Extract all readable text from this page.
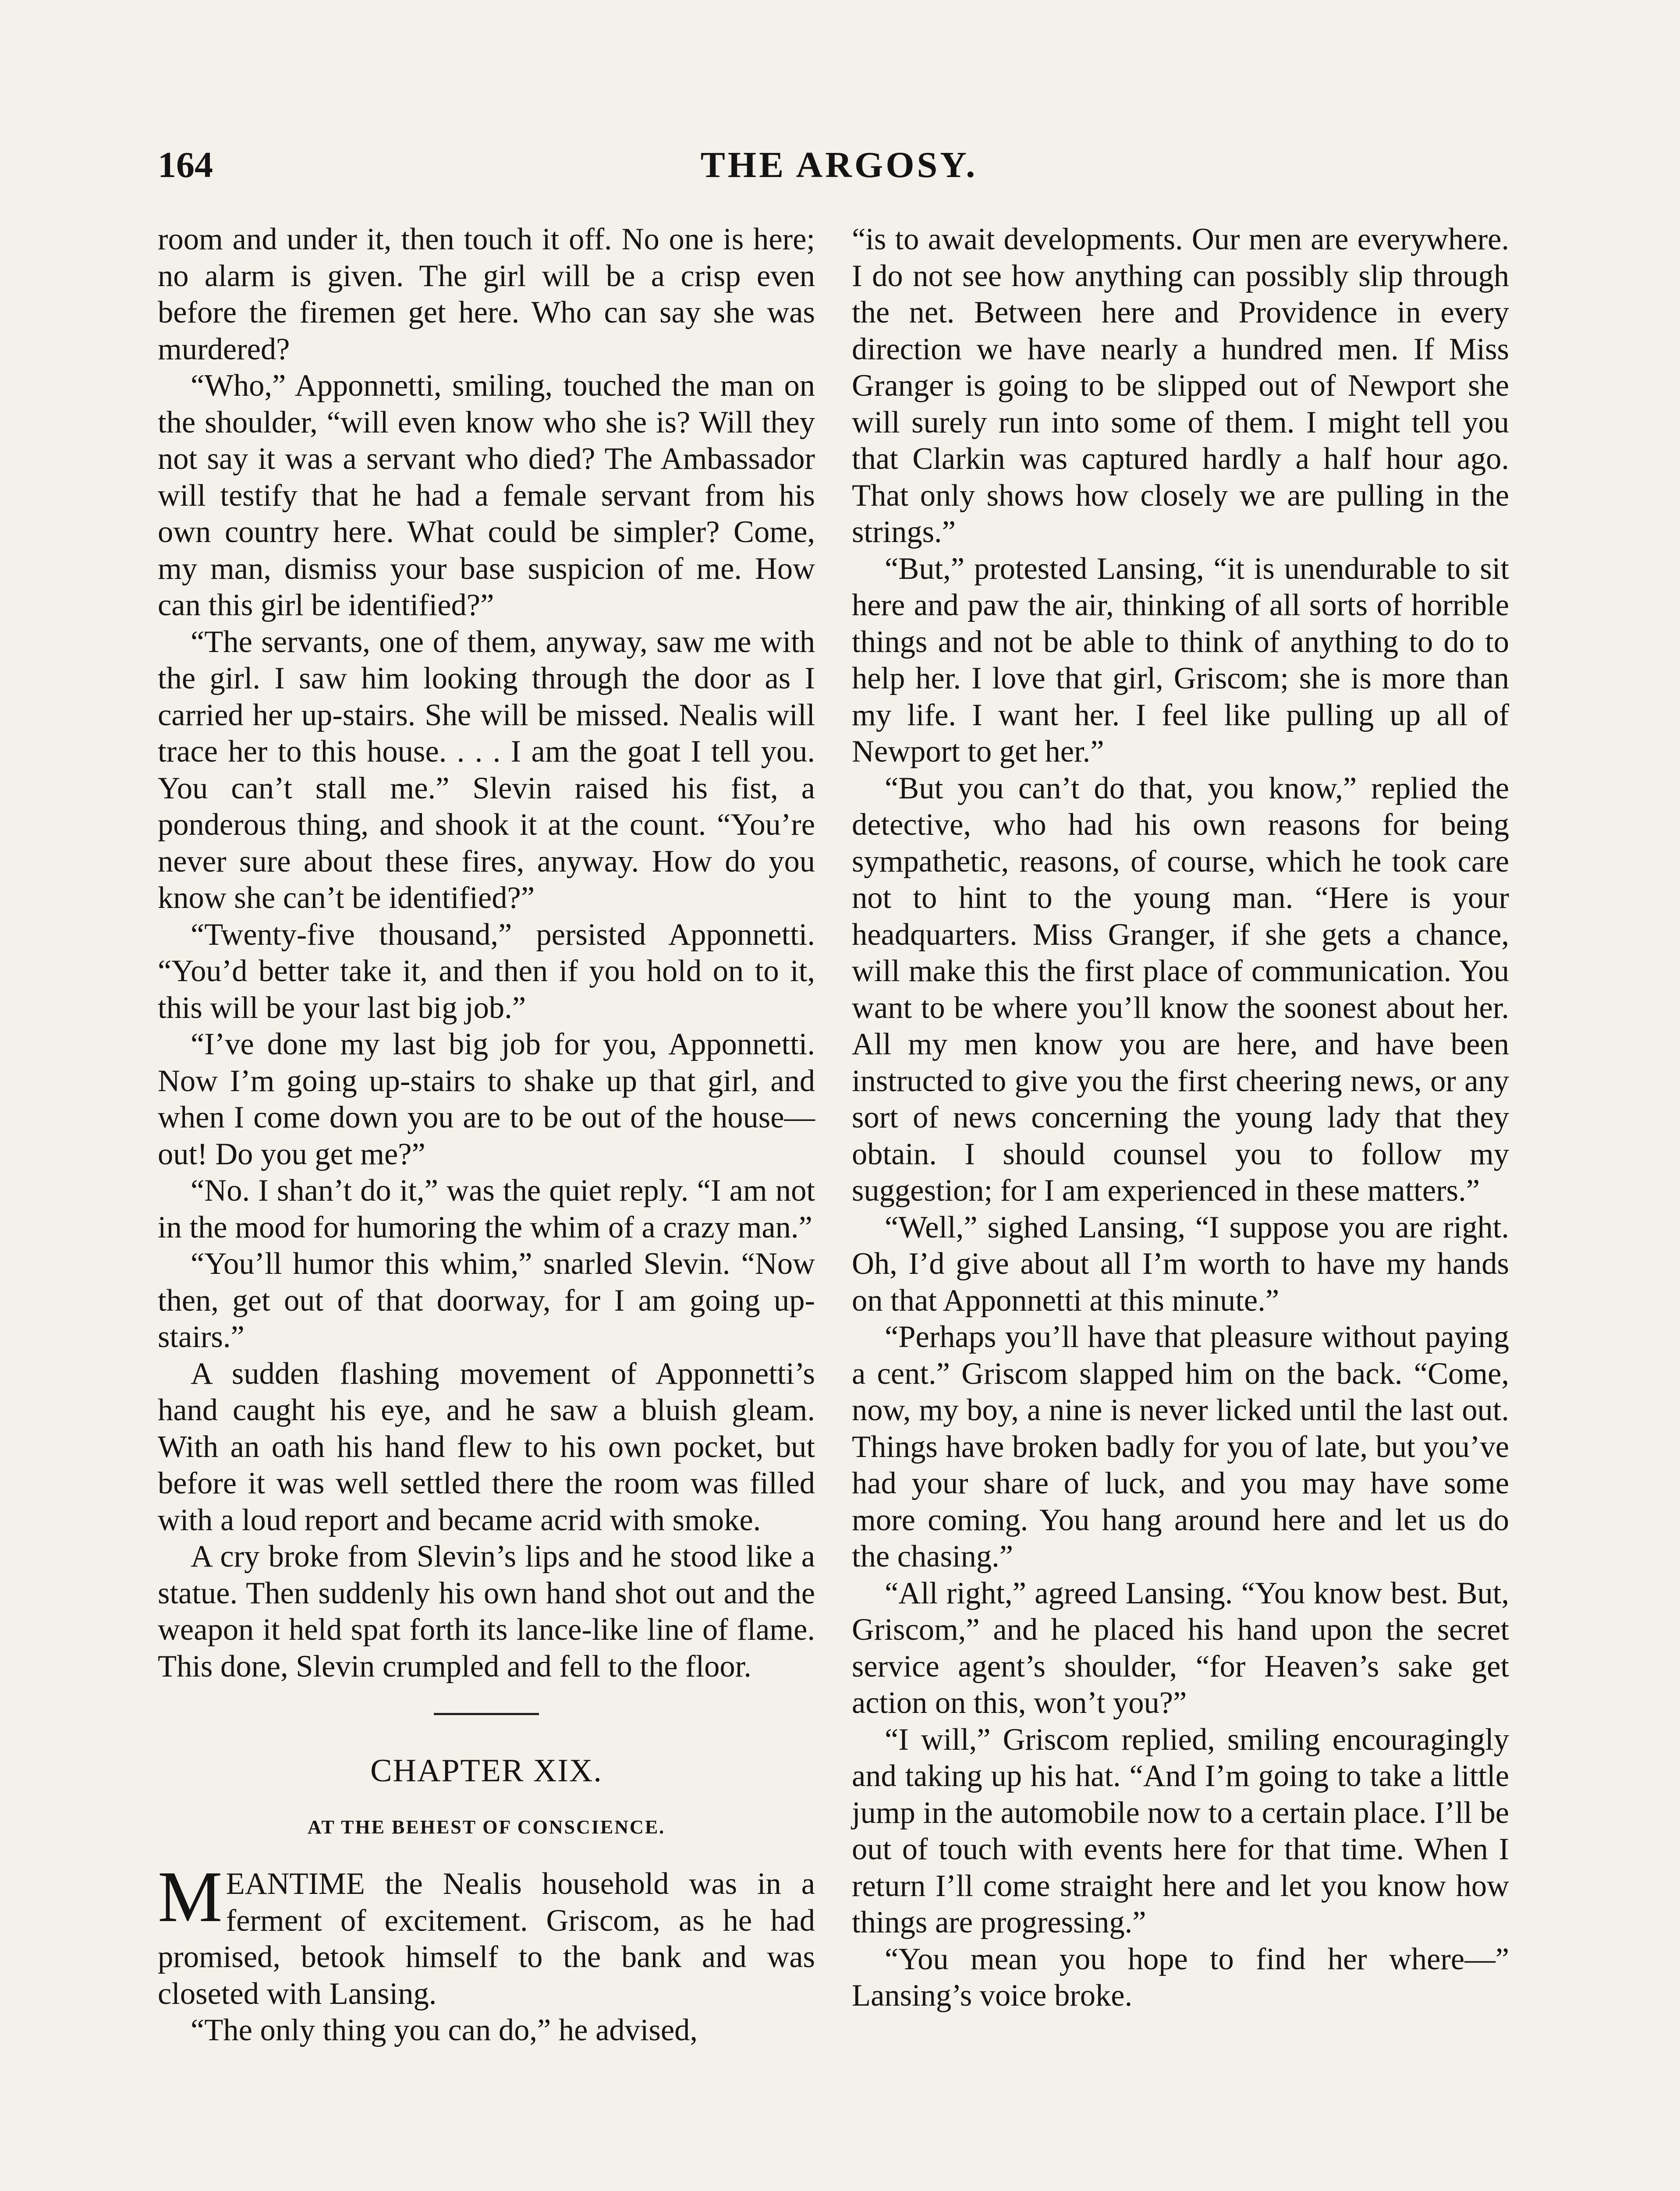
164	THE ARGOSY.

room and under it, then touch it off. No one is here; no alarm is given. The girl will be a crisp even before the firemen get here. Who can say she was murdered?

“Who,” Apponnetti, smiling, touched the man on the shoulder, “will even know who she is? Will they not say it was a servant who died? The Ambassador will testify that he had a female servant from his own country here. What could be simpler? Come, my man, dismiss your base suspicion of me. How can this girl be identified?”

“The servants, one of them, anyway, saw me with the girl. I saw him looking through the door as I carried her up-stairs. She will be missed. Nealis will trace her to this house. . . . I am the goat I tell you. You can’t stall me.” Slevin raised his fist, a ponderous thing, and shook it at the count. “You’re never sure about these fires, anyway. How do you know she can’t be identified?”

“Twenty-five thousand,” persisted Apponnetti. “You’d better take it, and then if you hold on to it, this will be your last big job.”

“I’ve done my last big job for you, Apponnetti. Now I’m going up-stairs to shake up that girl, and when I come down you are to be out of the house—out! Do you get me?”

“No. I shan’t do it,” was the quiet reply. “I am not in the mood for humoring the whim of a crazy man.”

“You’ll humor this whim,” snarled Slevin. “Now then, get out of that doorway, for I am going up-stairs.”

A sudden flashing movement of Apponnetti’s hand caught his eye, and he saw a bluish gleam. With an oath his hand flew to his own pocket, but before it was well settled there the room was filled with a loud report and became acrid with smoke.

A cry broke from Slevin’s lips and he stood like a statue. Then suddenly his own hand shot out and the weapon it held spat forth its lance-like line of flame. This done, Slevin crumpled and fell to the floor.

CHAPTER XIX.
AT THE BEHEST OF CONSCIENCE.

MEANTIME the Nealis household was in a ferment of excitement. Griscom, as he had promised, betook himself to the bank and was closeted with Lansing.

“The only thing you can do,” he advised,

“is to await developments. Our men are everywhere. I do not see how anything can possibly slip through the net. Between here and Providence in every direction we have nearly a hundred men. If Miss Granger is going to be slipped out of Newport she will surely run into some of them. I might tell you that Clarkin was captured hardly a half hour ago. That only shows how closely we are pulling in the strings.”

“But,” protested Lansing, “it is unendurable to sit here and paw the air, thinking of all sorts of horrible things and not be able to think of anything to do to help her. I love that girl, Griscom; she is more than my life. I want her. I feel like pulling up all of Newport to get her.”

“But you can’t do that, you know,” replied the detective, who had his own reasons for being sympathetic, reasons, of course, which he took care not to hint to the young man. “Here is your headquarters. Miss Granger, if she gets a chance, will make this the first place of communication. You want to be where you’ll know the soonest about her. All my men know you are here, and have been instructed to give you the first cheering news, or any sort of news concerning the young lady that they obtain. I should counsel you to follow my suggestion; for I am experienced in these matters.”

“Well,” sighed Lansing, “I suppose you are right. Oh, I’d give about all I’m worth to have my hands on that Apponnetti at this minute.”

“Perhaps you’ll have that pleasure without paying a cent.” Griscom slapped him on the back. “Come, now, my boy, a nine is never licked until the last out. Things have broken badly for you of late, but you’ve had your share of luck, and you may have some more coming. You hang around here and let us do the chasing.”

“All right,” agreed Lansing. “You know best. But, Griscom,” and he placed his hand upon the secret service agent’s shoulder, “for Heaven’s sake get action on this, won’t you?”

“I will,” Griscom replied, smiling encouragingly and taking up his hat. “And I’m going to take a little jump in the automobile now to a certain place. I’ll be out of touch with events here for that time. When I return I’ll come straight here and let you know how things are progressing.”

“You mean you hope to find her where—” Lansing’s voice broke.
